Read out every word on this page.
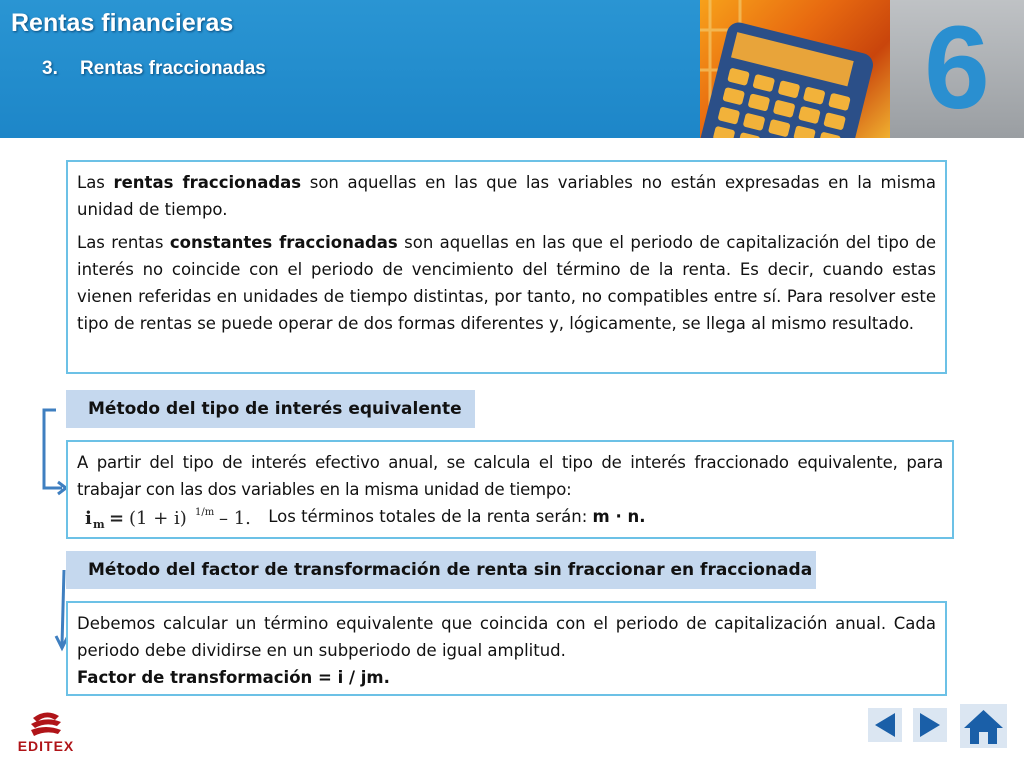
Rentas financieras
3. Rentas fraccionadas	6

Las rentas fraccionadas son aquellas en las que las variables no están expresadas en la misma unidad de tiempo.

Las rentas constantes fraccionadas son aquellas en las que el periodo de capitalización del tipo de interés no coincide con el periodo de vencimiento del término de la renta. Es decir, cuando estas vienen referidas en unidades de tiempo distintas, por tanto, no compatibles entre sí. Para resolver este tipo de rentas se puede operar de dos formas diferentes y, lógicamente, se llega al mismo resultado.

Método del tipo de interés equivalente

A partir del tipo de interés efectivo anual, se calcula el tipo de interés fraccionado equivalente, para trabajar con las dos variables en la misma unidad de tiempo:

i m = (1 + i) 1/m – 1. Los términos totales de la renta serán: m · n.

Método del factor de transformación de renta sin fraccionar en fraccionada

Debemos calcular un término equivalente que coincida con el periodo de capitalización anual. Cada periodo debe dividirse en un subperiodo de igual amplitud.

Factor de transformación = i / jm.

EDITEX
